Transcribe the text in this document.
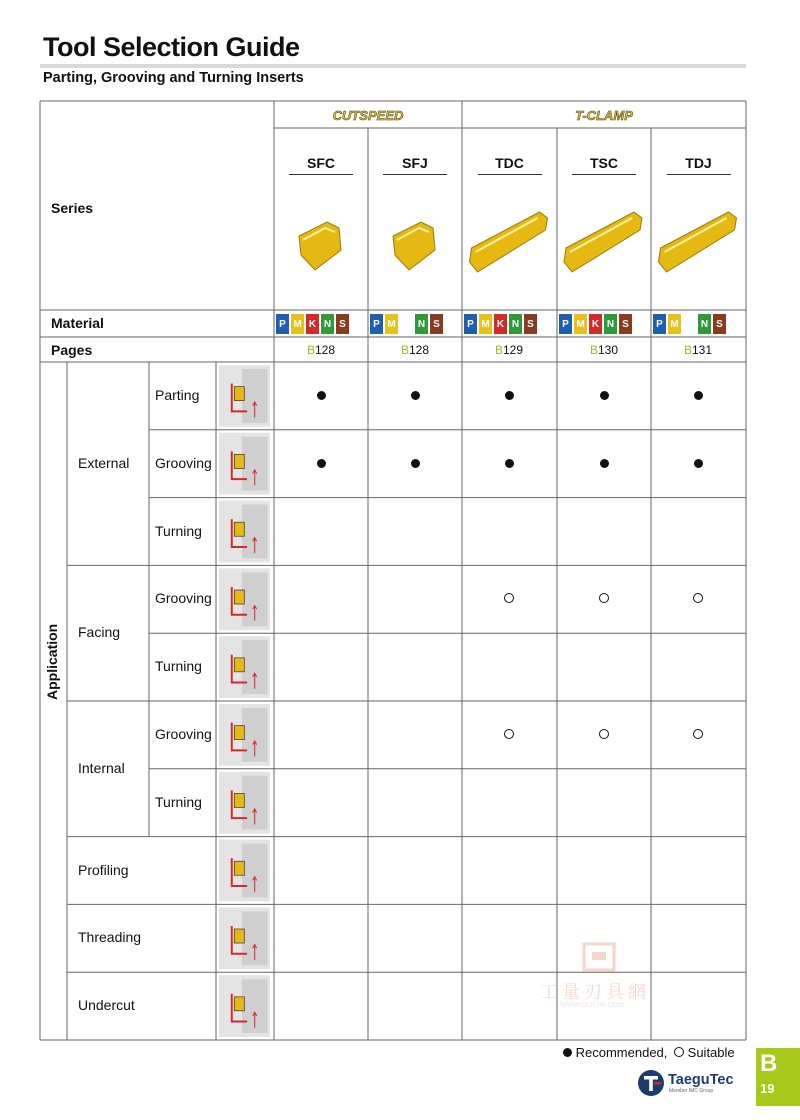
Tool Selection Guide
Parting, Grooving and Turning Inserts
CUTSPEED	T-CLAMP
Series
Material
Pages
SFC
P M K N S
B128
SFJ
P M N S
B128
TDC
P M K N S
B129
TSC
P M K N S
B130
TDJ
P M N S
B131
External
Parting
Grooving
Turning
Facing
Grooving
Turning
Internal
Grooving
Turning
Profiling
Threading
Undercut
Application
Recommended, Suitable
TaeguTec
Member IMC Group
B
19
工量刃具網
WWW.GLRJW.COM
